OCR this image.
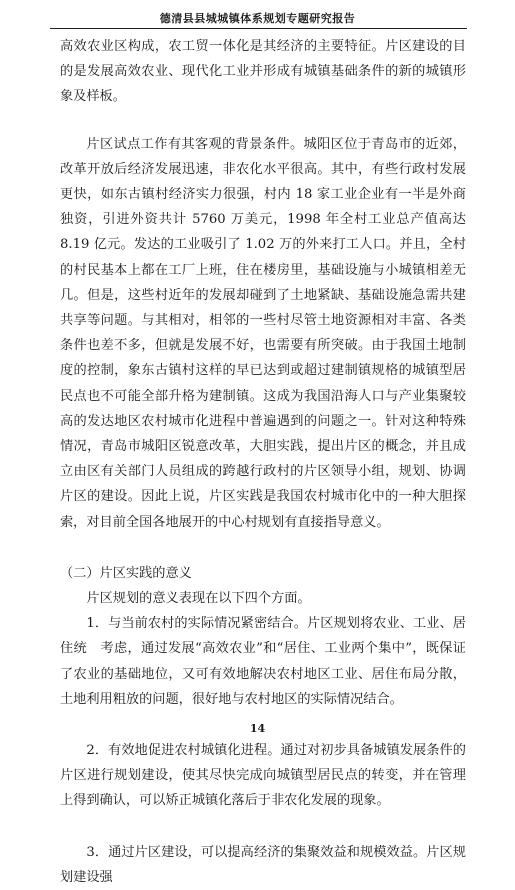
德清县县城城镇体系规划专题研究报告

高效农业区构成，农工贸一体化是其经济的主要特征。片区建设的目的是发展高效农业、现代化工业并形成有城镇基础条件的新的城镇形象及样板。

片区试点工作有其客观的背景条件。城阳区位于青岛市的近郊，改革开放后经济发展迅速，非农化水平很高。其中，有些行政村发展更快，如东古镇村经济实力很强，村内 18 家工业企业有一半是外商独资，引进外资共计 5760 万美元，1998 年全村工业总产值高达 8.19 亿元。发达的工业吸引了 1.02 万的外来打工人口。并且，全村的村民基本上都在工厂上班，住在楼房里，基础设施与小城镇相差无几。但是，这些村近年的发展却碰到了土地紧缺、基础设施急需共建共享等问题。与其相对，相邻的一些村尽管土地资源相对丰富、各类条件也差不多，但就是发展不好，也需要有所突破。由于我国土地制度的控制，象东古镇村这样的早已达到或超过建制镇规格的城镇型居民点也不可能全部升格为建制镇。这成为我国沿海人口与产业集聚较高的发达地区农村城市化进程中普遍遇到的问题之一。针对这种特殊情况，青岛市城阳区锐意改革，大胆实践，提出片区的概念，并且成立由区有关部门人员组成的跨越行政村的片区领导小组，规划、协调片区的建设。因此上说，片区实践是我国农村城市化中的一种大胆探索，对目前全国各地展开的中心村规划有直接指导意义。

（二）片区实践的意义

片区规划的意义表现在以下四个方面。

1．与当前农村的实际情况紧密结合。片区规划将农业、工业、居住统　考虑，通过发展“高效农业”和“居住、工业两个集中”，既保证了农业的基础地位，又可有效地解决农村地区工业、居住布局分散，土地利用粗放的问题，很好地与农村地区的实际情况结合。

2．有效地促进农村城镇化进程。通过对初步具备城镇发展条件的片区进行规划建设，使其尽快完成向城镇型居民点的转变，并在管理上得到确认，可以矫正城镇化落后于非农化发展的现象。

3．通过片区建设，可以提高经济的集聚效益和规模效益。片区规划建设强

14
